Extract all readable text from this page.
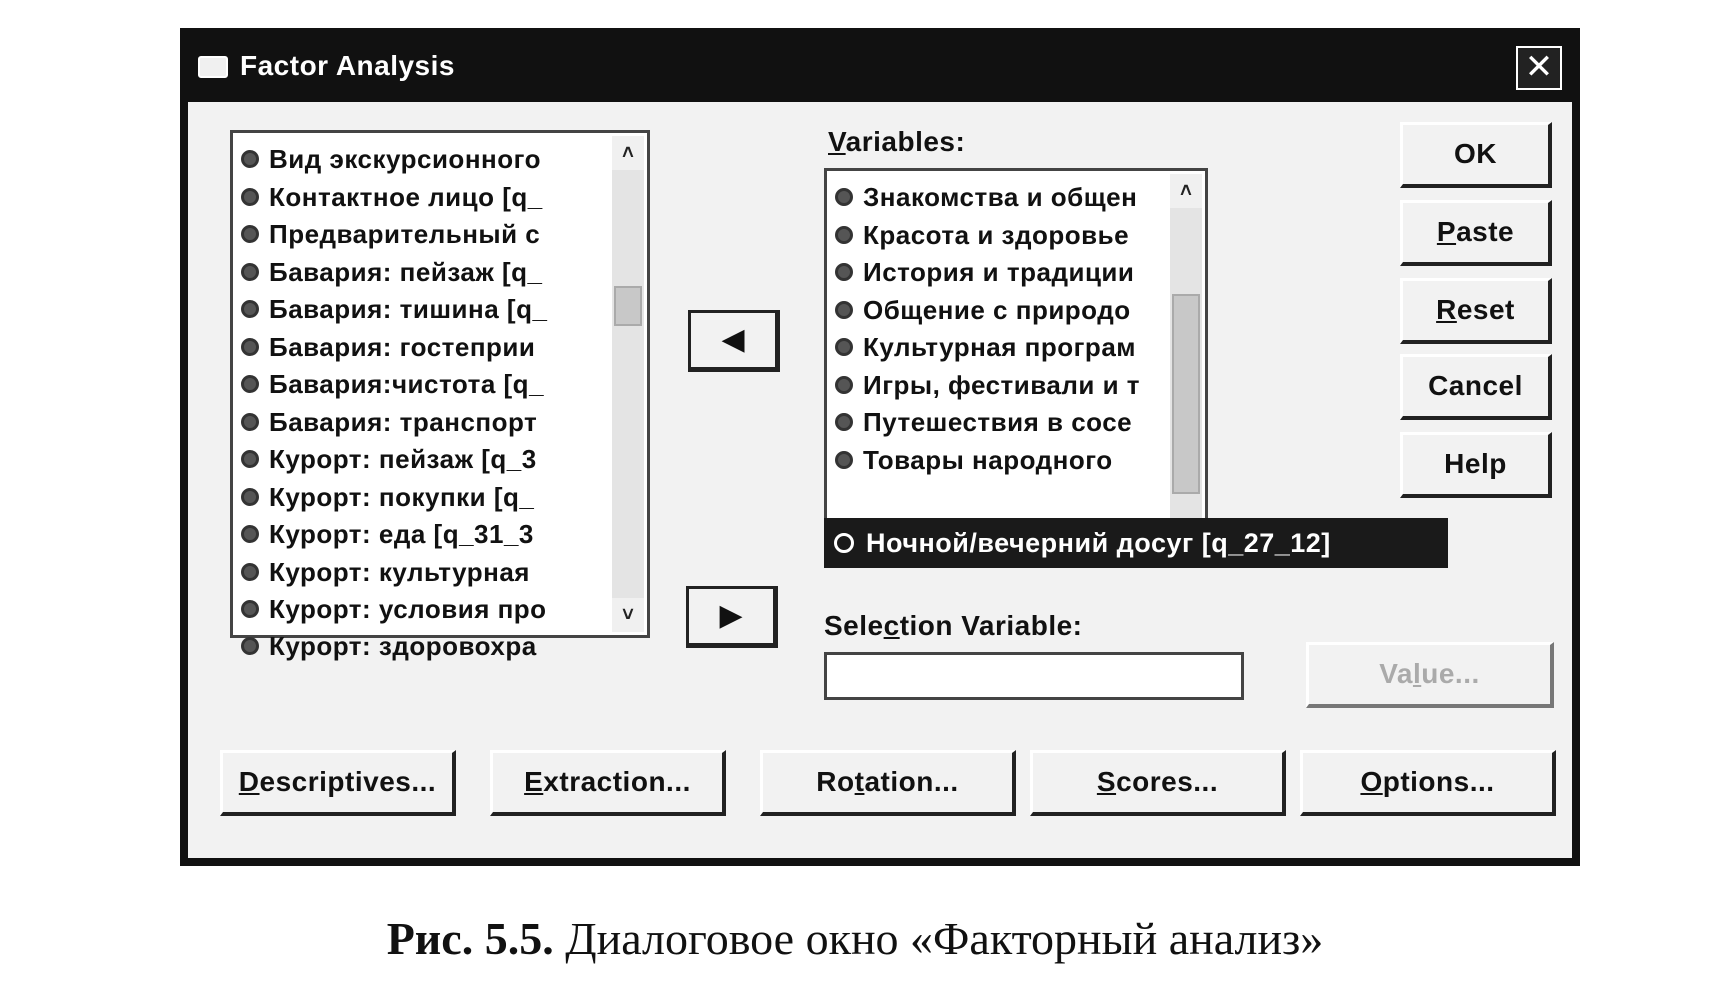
Factor Analysis	✕
Вид экскурсионного
Контактное лицо [q_
Предварительный с
Бавария: пейзаж [q_
Бавария: тишина [q_
Бавария: гостеприи
Бавария:чистота [q_
Бавария: транспорт
Курорт: пейзаж [q_3
Курорт: покупки [q_
Курорт: еда [q_31_3
Курорт: культурная
Курорт: условия про
Курорт: здоровохра
˄
˅
◀
▶
Variables:
Знакомства и общен
Красота и здоровье
История и традиции
Общение с природо
Культурная програм
Игры, фестивали и т
Путешествия в сосе
Товары народного
˄
Ночной/вечерний досуг [q_27_12]
Selection Variable:
OK
Paste
Reset
Cancel
Help
Value...
Descriptives...	Extraction...	Rotation...	Scores...	Options...
Рис. 5.5. Диалоговое окно «Факторный анализ»
